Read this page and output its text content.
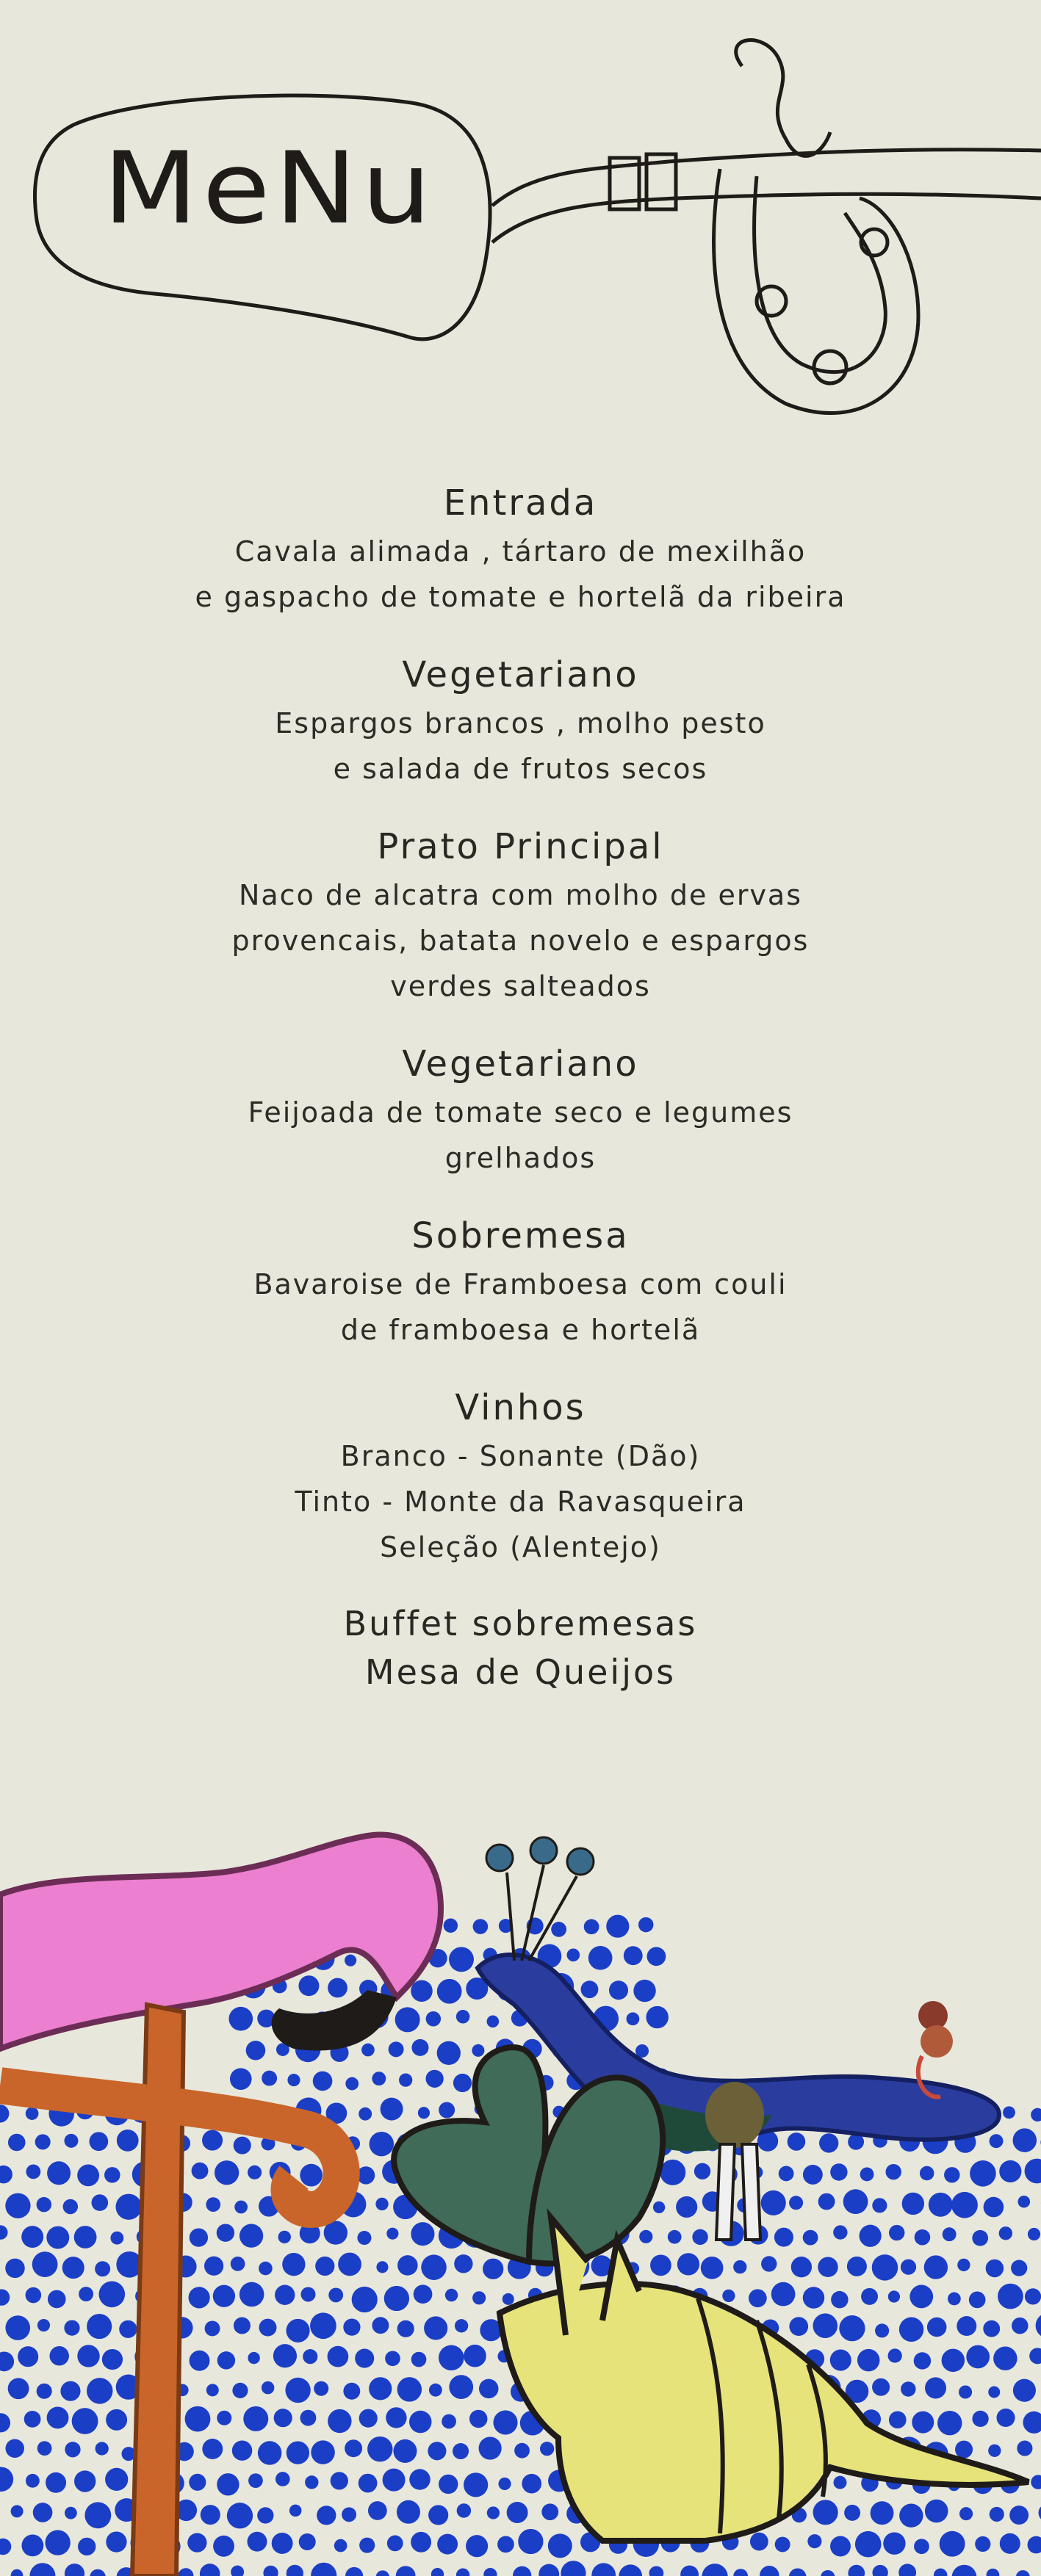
MeNu
Entrada
Cavala alimada , tártaro de mexilhão
e gaspacho de tomate e hortelã da ribeira
Vegetariano
Espargos brancos , molho pesto
e salada de frutos secos
Prato Principal
Naco de alcatra com molho de ervas
provencais, batata novelo e espargos
verdes salteados
Vegetariano
Feijoada de tomate seco e legumes
grelhados
Sobremesa
Bavaroise de Framboesa com couli
de framboesa e hortelã
Vinhos
Branco - Sonante (Dão)
Tinto - Monte da Ravasqueira
Seleção (Alentejo)
Buffet sobremesas
Mesa de Queijos
